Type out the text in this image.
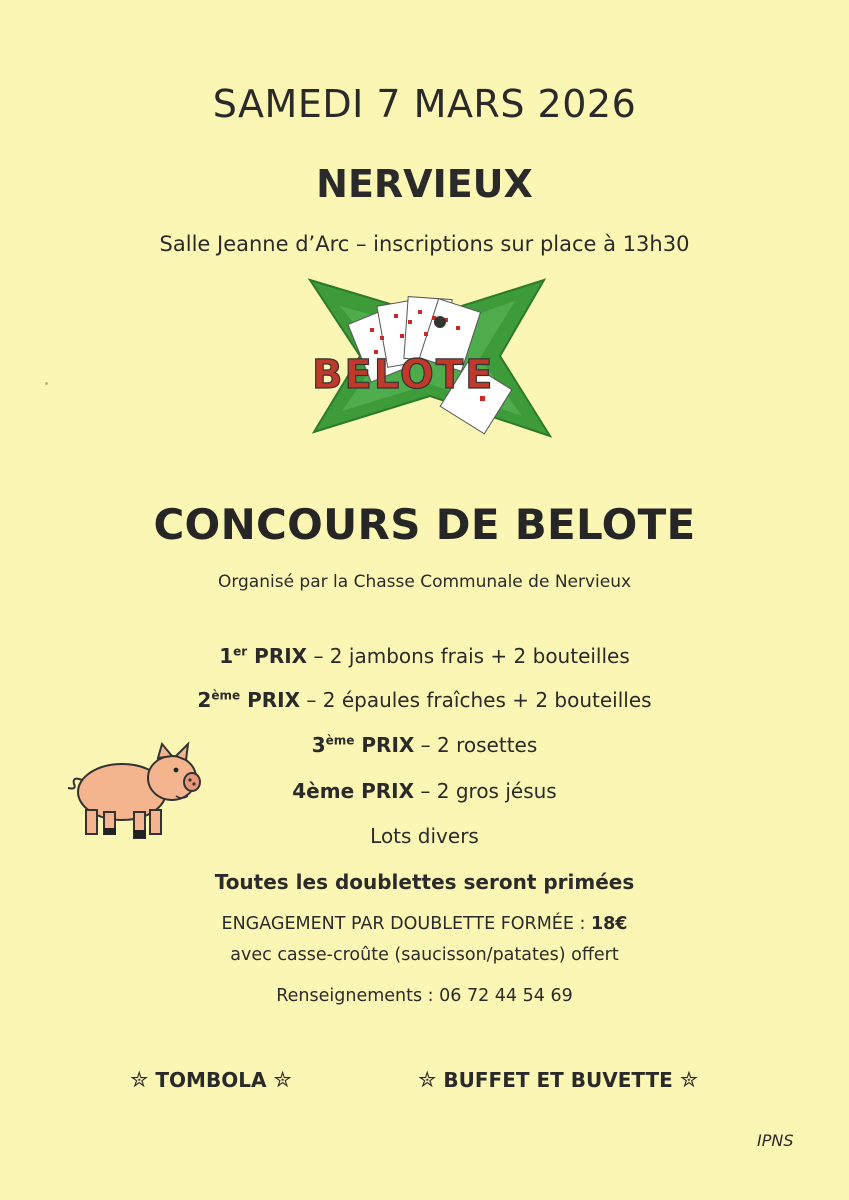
SAMEDI 7 MARS 2026
NERVIEUX
Salle Jeanne d’Arc – inscriptions sur place à 13h30
BELOTE
CONCOURS DE BELOTE
Organisé par la Chasse Communale de Nervieux
1er PRIX – 2 jambons frais + 2 bouteilles
2ème PRIX – 2 épaules fraîches + 2 bouteilles
3ème PRIX – 2 rosettes
4ème PRIX – 2 gros jésus
Lots divers
Toutes les doublettes seront primées
ENGAGEMENT PAR DOUBLETTE FORMÉE : 18€
avec casse-croûte (saucisson/patates) offert
Renseignements : 06 72 44 54 69
✮ TOMBOLA ✮	✮ BUFFET ET BUVETTE ✮
IPNS
